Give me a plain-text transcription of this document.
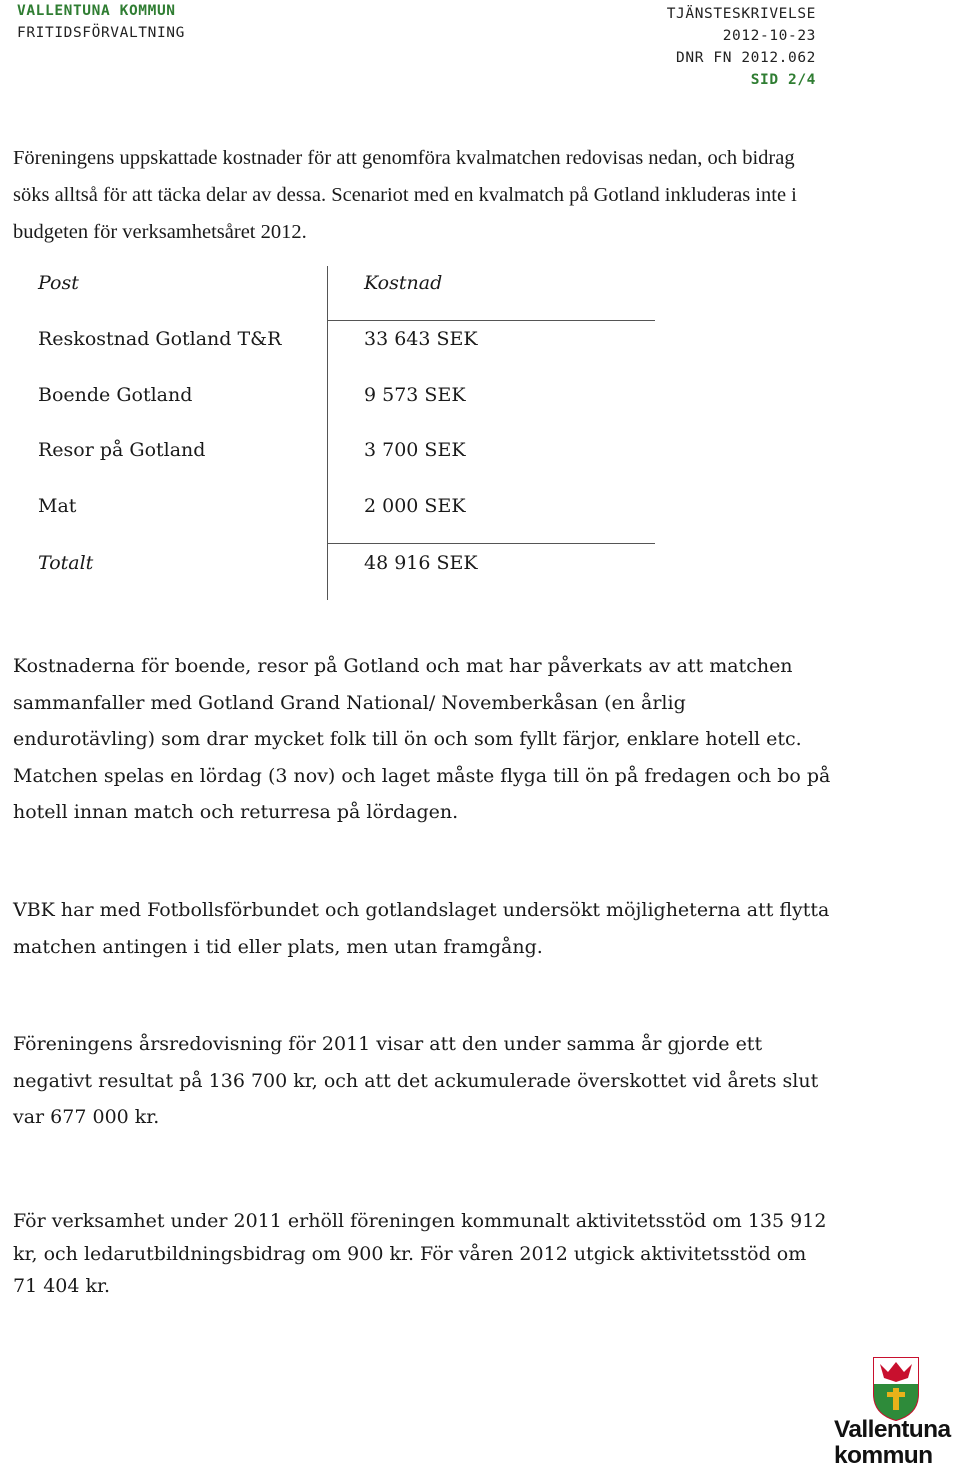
VALLENTUNA KOMMUN
FRITIDSFÖRVALTNING
TJÄNSTESKRIVELSE
2012-10-23
DNR FN 2012.062
SID 2/4
Föreningens uppskattade kostnader för att genomföra kvalmatchen redovisas nedan, och bidrag söks alltså för att täcka delar av dessa. Scenariot med en kvalmatch på Gotland inkluderas inte i budgeten för verksamhetsåret 2012.
Post	Kostnad
Reskostnad Gotland T&R	33 643 SEK
Boende Gotland	9 573 SEK
Resor på Gotland	3 700 SEK
Mat	2 000 SEK
Totalt	48 916 SEK
Kostnaderna för boende, resor på Gotland och mat har påverkats av att matchen sammanfaller med Gotland Grand National/ Novemberkåsan (en årlig endurotävling) som drar mycket folk till ön och som fyllt färjor, enklare hotell etc. Matchen spelas en lördag (3 nov) och laget måste flyga till ön på fredagen och bo på hotell innan match och returresa på lördagen.
VBK har med Fotbollsförbundet och gotlandslaget undersökt möjligheterna att flytta matchen antingen i tid eller plats, men utan framgång.
Föreningens årsredovisning för 2011 visar att den under samma år gjorde ett negativt resultat på 136 700 kr, och att det ackumulerade överskottet vid årets slut var 677 000 kr.
För verksamhet under 2011 erhöll föreningen kommunalt aktivitetsstöd om 135 912 kr, och ledarutbildningsbidrag om 900 kr. För våren 2012 utgick aktivitetsstöd om 71 404 kr.
Vallentuna
kommun
